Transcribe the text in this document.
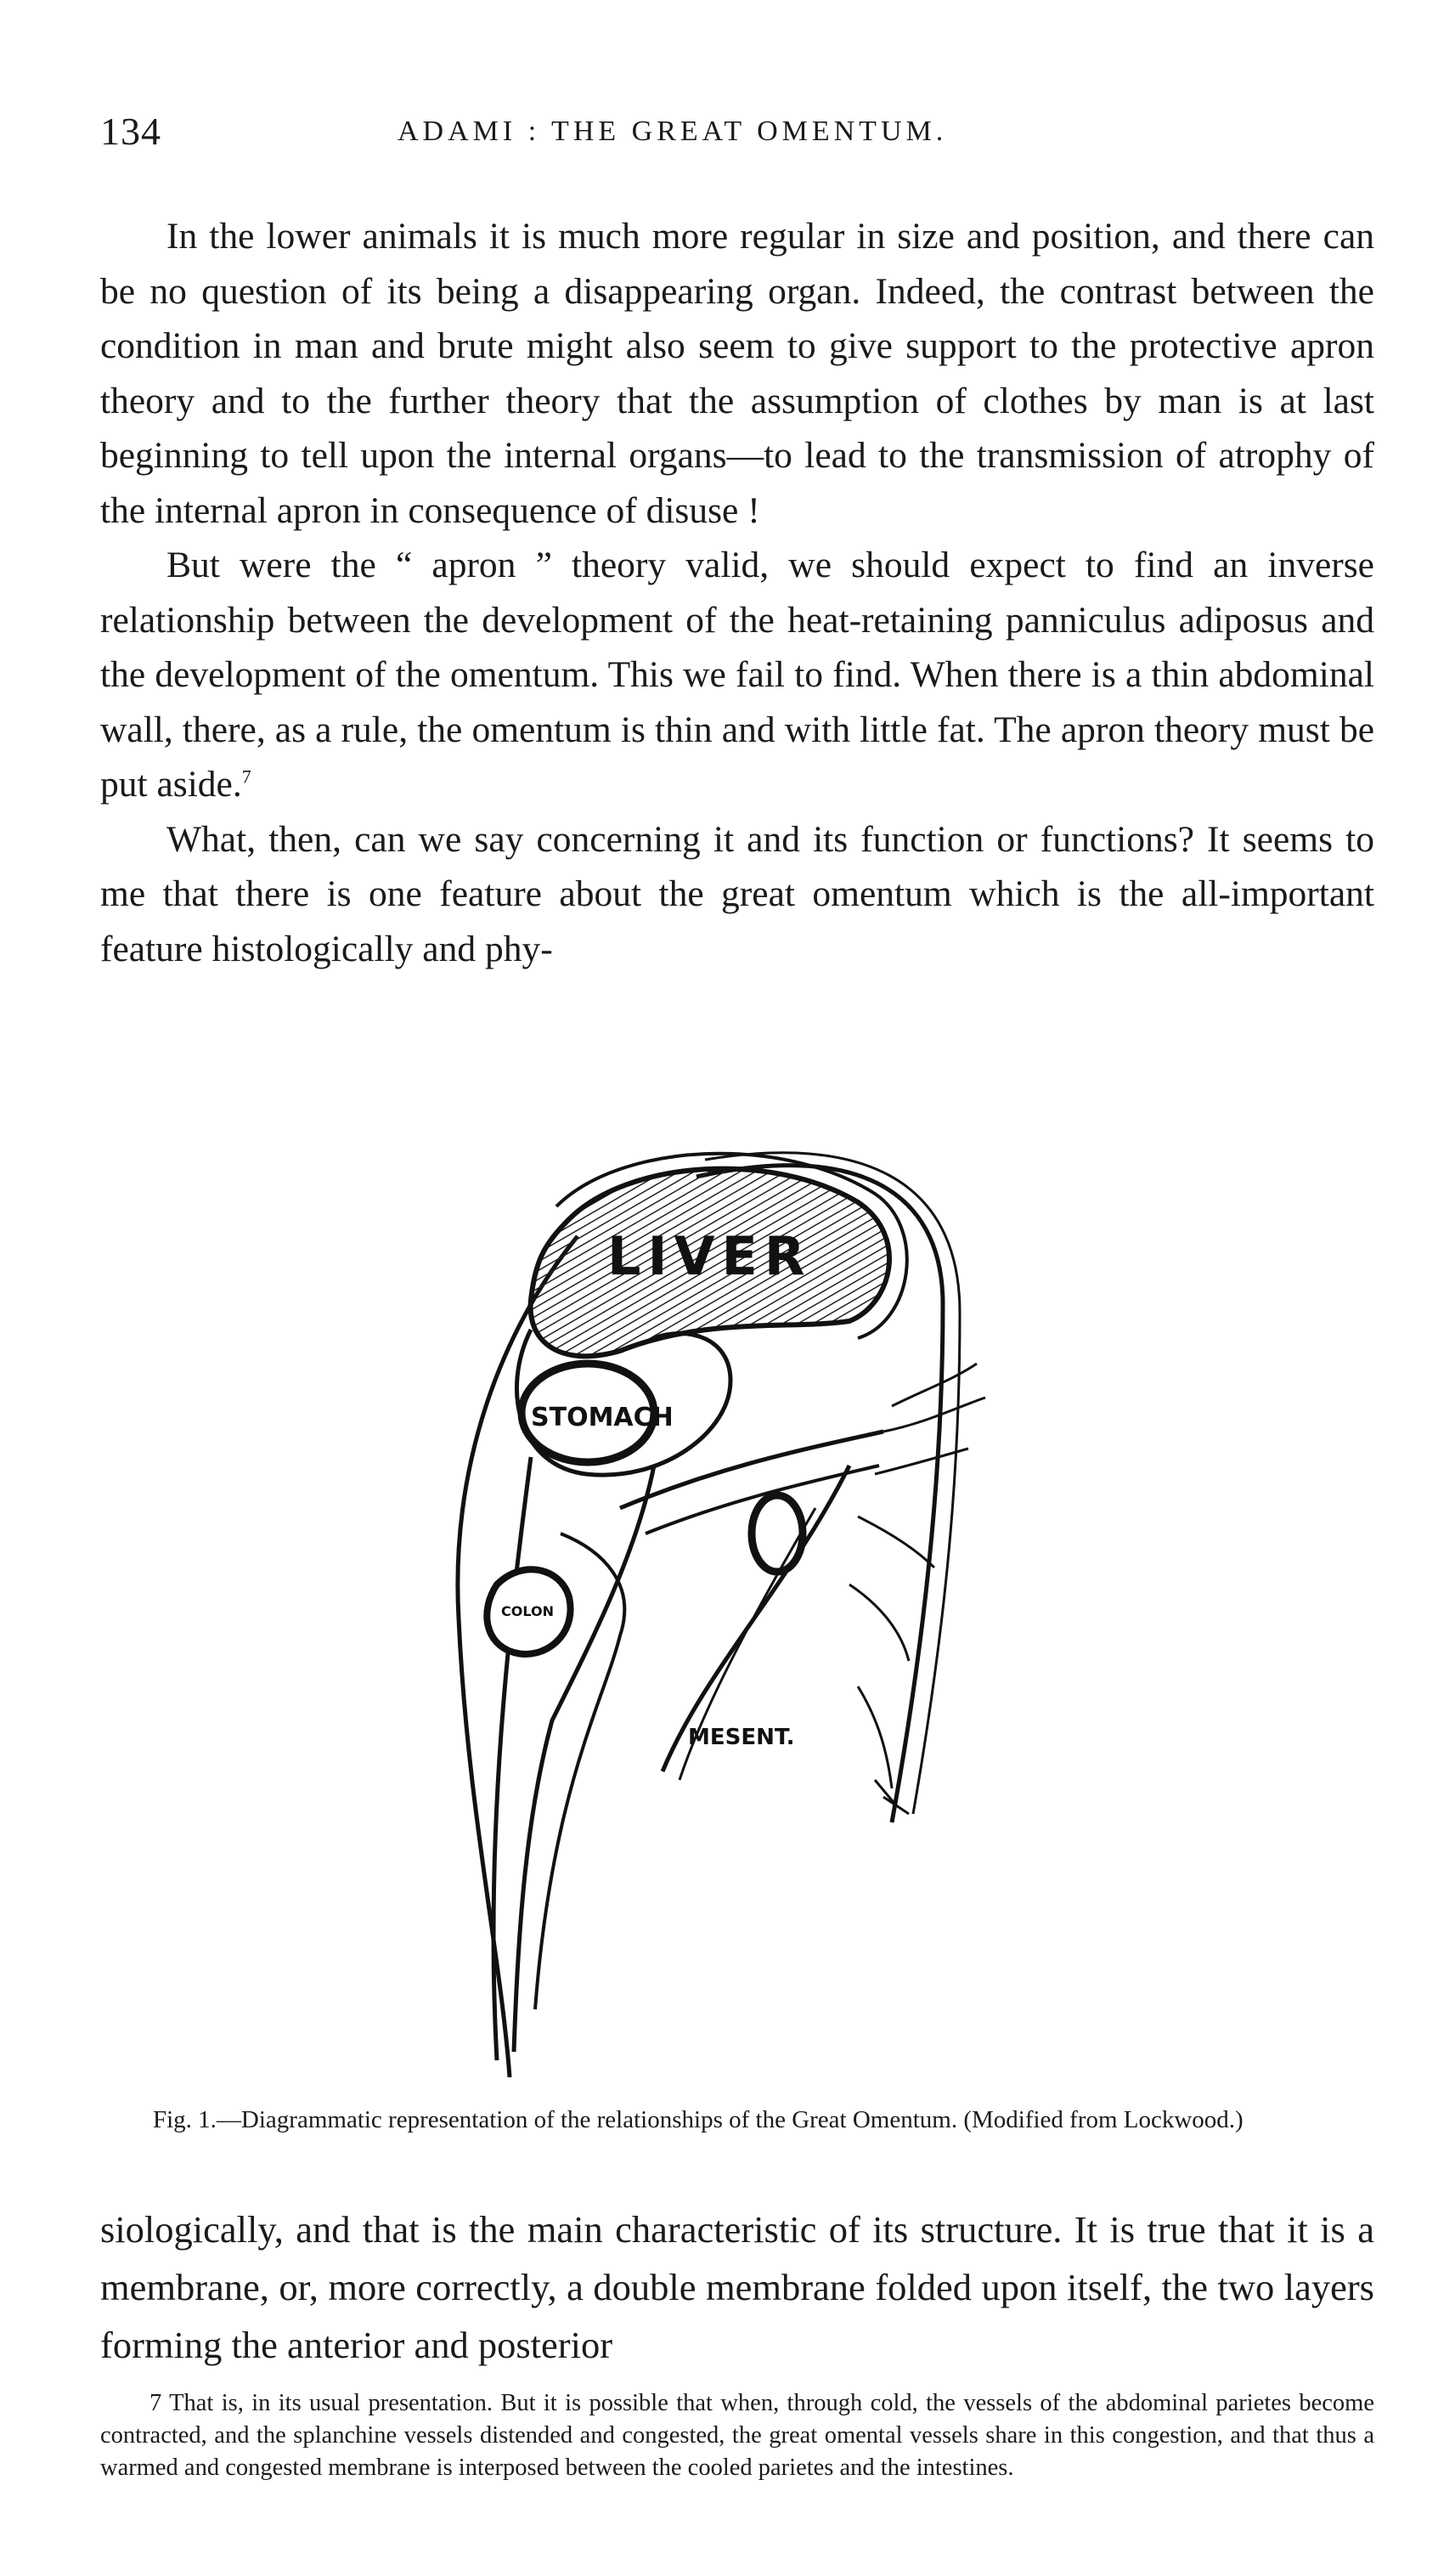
134	ADAMI : THE GREAT OMENTUM.

In the lower animals it is much more regular in size and position, and there can be no question of its being a disappearing organ. Indeed, the contrast between the condition in man and brute might also seem to give support to the protective apron theory and to the further theory that the assumption of clothes by man is at last beginning to tell upon the internal organs—to lead to the transmission of atrophy of the internal apron in consequence of disuse !

But were the “ apron ” theory valid, we should expect to find an inverse relationship between the development of the heat-retaining panniculus adiposus and the development of the omentum. This we fail to find. When there is a thin abdominal wall, there, as a rule, the omentum is thin and with little fat. The apron theory must be put aside.$^7$

What, then, can we say concerning it and its function or functions? It seems to me that there is one feature about the great omentum which is the all-important feature histologically and phy-

LIVER
STOMACH
COLON
MESENT.
Fig. 1.—Diagrammatic representation of the relationships of the Great Omentum. (Modified from Lockwood.)

siologically, and that is the main characteristic of its structure. It is true that it is a membrane, or, more correctly, a double membrane folded upon itself, the two layers forming the anterior and posterior

7 That is, in its usual presentation. But it is possible that when, through cold, the vessels of the abdominal parietes become contracted, and the splanchine vessels distended and congested, the great omental vessels share in this congestion, and that thus a warmed and congested membrane is interposed between the cooled parietes and the intestines.
